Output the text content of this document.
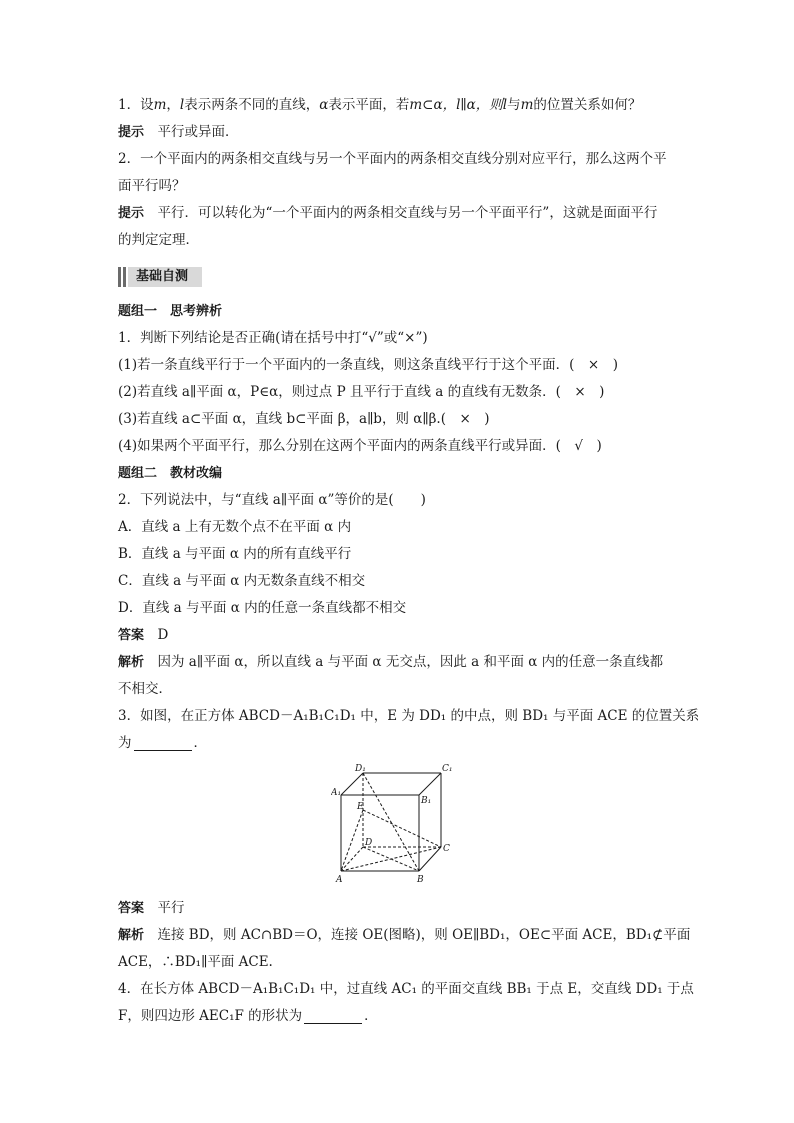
1．设 m ， l 表示两条不同的直线， α 表示平面，若 m⊂α，l∥α，则 l 与 m 的位置关系如何？

提示
　 平行或异面．

2．一个平面内的两条相交直线与另一个平面内的两条相交直线分别对应平行，那么这两个平

面平行吗？

提示
　 平行．可以转化为“一个平面内的两条相交直线与另一个平面平行”，这就是面面平行

的判定定理．

基础自测

题组一　思考辨析

1．判断下列结论是否正确(请在括号中打“√”或“×”)

(1)若一条直线平行于一个平面内的一条直线，则这条直线平行于这个平面．(　×　)

(2)若直线 a∥平面 α，P∈α，则过点 P 且平行于直线 a 的直线有无数条．(　×　)

(3)若直线 a⊂平面 α，直线 b⊂平面 β，a∥b，则 α∥β.(　×　)

(4)如果两个平面平行，那么分别在这两个平面内的两条直线平行或异面．(　√　)

题组二　教材改编

2．下列说法中，与“直线 a∥平面 α”等价的是(　　)

A．直线 a 上有无数个点不在平面 α 内

B．直线 a 与平面 α 内的所有直线平行

C．直线 a 与平面 α 内无数条直线不相交

D．直线 a 与平面 α 内的任意一条直线都不相交

答案
　 D

解析
　 因为 a∥平面 α，所以直线 a 与平面 α 无交点，因此 a 和平面 α 内的任意一条直线都

不相交．

3．如图，在正方体 ABCD－A₁B₁C₁D₁ 中，E 为 DD₁ 的中点，则 BD₁ 与平面 ACE 的位置关系

为	．

D₁	C₁
A₁
B₁
E
D
C
A	B

答案
　 平行

解析
　 连接 BD，则 AC∩BD＝O，连接 OE(图略)，则 OE∥BD₁，OE⊂平面 ACE，BD₁⊄平面

ACE，∴BD₁∥平面 ACE.

4．在长方体 ABCD－A₁B₁C₁D₁ 中，过直线 AC₁ 的平面交直线 BB₁ 于点 E，交直线 DD₁ 于点

F，则四边形 AEC₁F 的形状为	．
